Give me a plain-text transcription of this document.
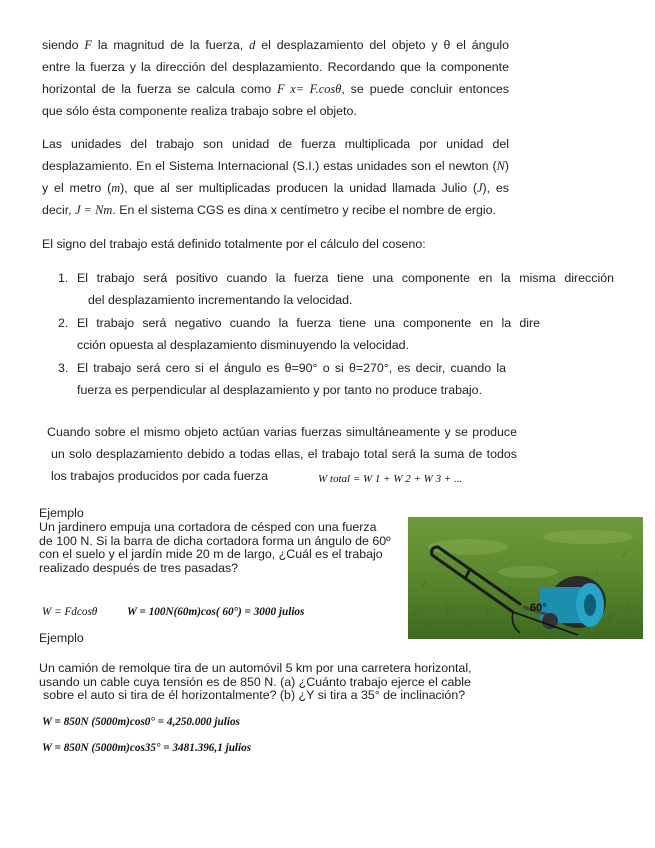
siendo F la magnitud de la fuerza, d el desplazamiento del objeto y θ el ángulo
entre la fuerza y la dirección del desplazamiento. Recordando que la componente
horizontal de la fuerza se calcula como F x= F.cosθ, se puede concluir entonces
que sólo ésta componente realiza trabajo sobre el objeto.
Las unidades del trabajo son unidad de fuerza multiplicada por unidad del
desplazamiento. En el Sistema Internacional (S.I.) estas unidades son el newton (N)
y el metro (m), que al ser multiplicadas producen la unidad llamada Julio (J), es
decir, J = Nm. En el sistema CGS es dina x centímetro y recibe el nombre de ergio.
El signo del trabajo está definido totalmente por el cálculo del coseno:
1. El trabajo será positivo cuando la fuerza tiene una componente en la misma dirección
del desplazamiento incrementando la velocidad.
2. El trabajo será negativo cuando la fuerza tiene una componente en la dire
cción opuesta al desplazamiento disminuyendo la velocidad.
3. El trabajo será cero si el ángulo es θ=90° o si θ=270°, es decir, cuando la
fuerza es perpendicular al desplazamiento y por tanto no produce trabajo.
Cuando sobre el mismo objeto actúan varias fuerzas simultáneamente y se produce
un solo desplazamiento debido a todas ellas, el trabajo total será la suma de todos
los trabajos producidos por cada fuerza	W total = W 1 + W 2 + W 3 + ...
Ejemplo
Un jardinero empuja una cortadora de césped con una fuerza
de 100 N. Si la barra de dicha cortadora forma un ángulo de 60º
con el suelo y el jardín mide 20 m de largo, ¿Cuál es el trabajo
realizado después de tres pasadas?
W = Fdcosθ	W = 100N(60m)cos( 60°) = 3000 julios	60°
Ejemplo
Un camión de remolque tira de un automóvil 5 km por una carretera horizontal,
usando un cable cuya tensión es de 850 N. (a) ¿Cuánto trabajo ejerce el cable
sobre el auto si tira de él horizontalmente? (b) ¿Y si tira a 35° de inclinación?
W = 850N (5000m)cos0° = 4,250.000 julios
W = 850N (5000m)cos35° = 3481.396,1 julios
